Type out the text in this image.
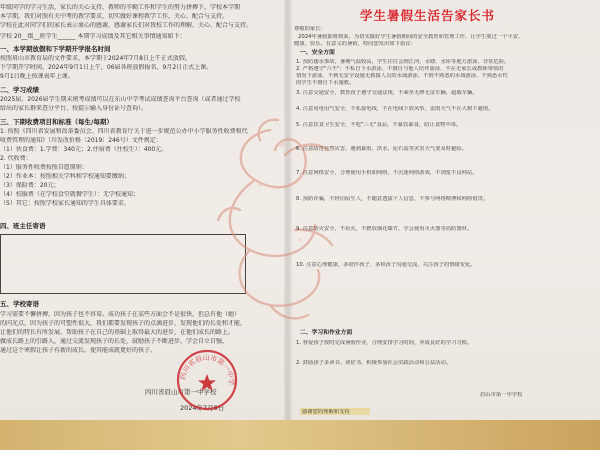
年级同学的学习生活，家长的关心支持、教师的辛勤工作和学生的努力拼搏下，学校本学期
本学期，我们对照有关中考的教学要求，切实做好课程教学工作，关心、配合与支持。
学校在此对同学们的家长表示衷心的感谢，感谢家长们对我校工作的理解、关心、配合与支持。
学校 20__级__班学生______ 本期学习成绩及其它相关事情通知如下：
一、本学期放假和下学期开学报名时间
按照眉山市教育局的文件要求，本学期于2024年7月8日上午正式放假。
下学期开学时间，2024年9月1日上午，06届各班放假报名、9月2日正式上课。
9月1日晚上按课表年上课。
二、学习成绩
2025届、2026届学生期末统考成绩可以在东山中学考试成绩查询平台查询（或者通过学校
给出的家长群来查分平台、按提示输入身份证号查询）。
三、下期收费项目和标准（每生/每期）
1. 按照《四川省发展和改革委员会、四川省教育厅关于进一步规范公办中小学服务性收费和代
收费管理的通知》（川发改价格〔2019〕246号）文件规定：
（1）伙食费：1.学费：340元；2.住宿费（住校生）：400元。
2. 代收费：
（1）服务性收费按照自愿原则：
（2）作业本：按照相关学科和学校通知要缴纳；
（3）保险费：20元；
（4）校服费（在学校食堂就餐学生）：无学校通知；
（5）其它：按照学校家长通知的学生具体要求。
四、班主任寄语
五、学校寄语
学习需要不懈拼搏，因为孩子也不容易。成功孩子在某些方面会不是很快，但总有他（她）
的闪光点，因为孩子的可塑性很大，我们都要发现孩子的点滴进步，发现他们的长处和才能，
让他们的特长有所发展，帮助孩子在自己的基础上取得最大的进步，在他们成长的路上，
做成长路上的引路人，通过交流发现孩子的长处，鼓励孩子不断进步，学会自立自强，
通过这个寒假让孩子有新的成长，使其能成就更好的孩子。
四川省眉山市第一中学校
2024年7月8日
四川省眉山市第一中学
学生暑假生活告家长书
尊敬的家长：
2024年暑假即将到来，为切实做好学生暑假期间的安全教育和管理工作，让学生度过一个平安、
健康、快乐、有意义的暑假，特向您发出如下倡议：
一、安全方面
1. 预防溺水事故，暑期气温较高，学生往往会到江河、水塘、水库等地方游泳，非常危险。
2. 严格遵守"六不"：不私自下水游泳、不擅自与他人结伴游泳、不在无家长或教师带领的
情况下游泳、不到无安全设施无救援人员的水域游泳、不到不熟悉的水域游泳、不熟悉水性
的学生不擅自下水施救。
3. 注意交通安全，教育孩子遵守交通法规，不乘坐无牌无证车辆、超载车辆。
4. 注意用电用气安全，不私接电线，不在电线下放风筝，雷雨天气不在大树下避雨。
5. 注意饮食卫生安全，不吃"三无"食品，不暴饮暴食，防止食物中毒。
6. 注意防范自然灾害，遇到暴雨、洪水、泥石流等灾害天气要及时避险。
7. 注意网络安全，合理使用手机和网络，不沉迷网络游戏，不浏览不良网站。
8. 预防诈骗，不轻信陌生人，不随意透露个人信息，不参与网络赌博和网络借贷。
9. 注意防火安全，不玩火，不燃放烟花爆竹，学会使用灭火器等消防器材。
10. 注意心理健康，多陪伴孩子，多和孩子沟通交流，关注孩子的情绪变化。
二、学习和作业方面
1. 督促孩子按时完成暑假作业，合理安排学习时间，养成良好的学习习惯。
2. 鼓励孩子多读书、读好书，积极参加社会实践活动和公益活动。
眉山市第一中学校
感谢您的理解和支持
